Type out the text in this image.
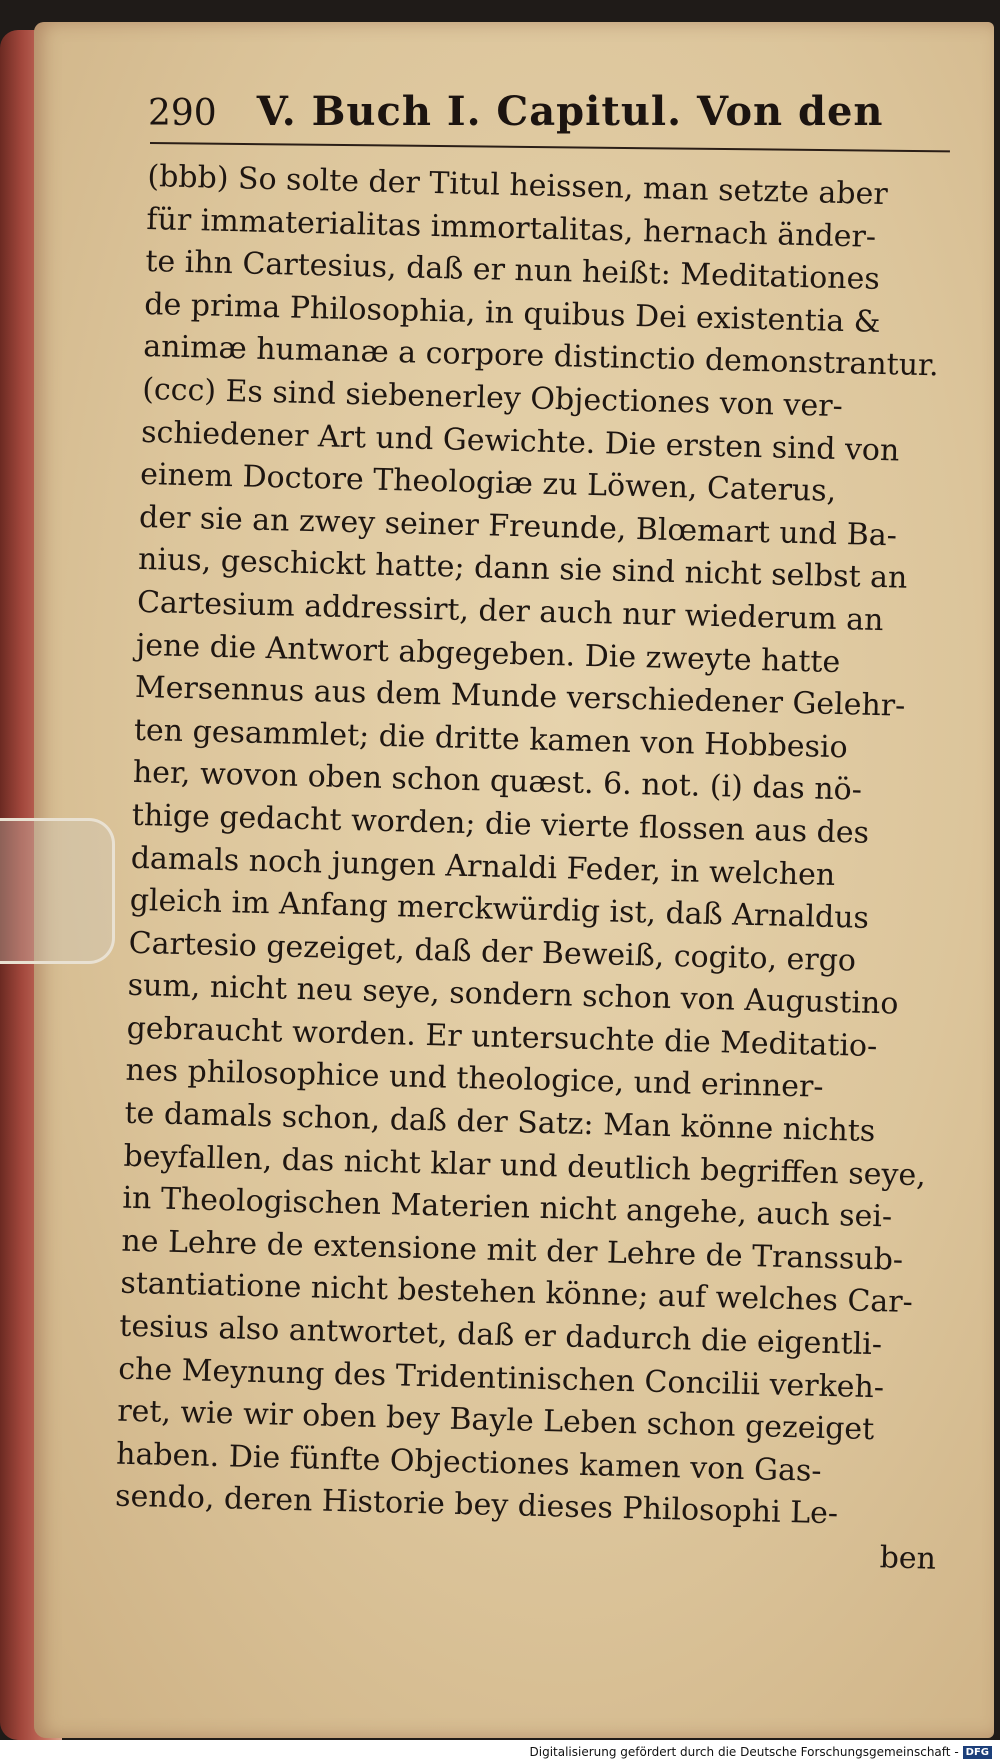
290 V. Buch I. Capitul. Von den
(bbb) So solte der Titul heissen, man setzte aber
für immaterialitas immortalitas, hernach änder-
te ihn Cartesius, daß er nun heißt: Meditationes
de prima Philosophia, in quibus Dei existentia &
animæ humanæ a corpore distinctio demonstrantur.
(ccc) Es sind siebenerley Objectiones von ver-
schiedener Art und Gewichte. Die ersten sind von
einem Doctore Theologiæ zu Löwen, Caterus,
der sie an zwey seiner Freunde, Blœmart und Ba-
nius, geschickt hatte; dann sie sind nicht selbst an
Cartesium addressirt, der auch nur wiederum an
jene die Antwort abgegeben. Die zweyte hatte
Mersennus aus dem Munde verschiedener Gelehr-
ten gesammlet; die dritte kamen von Hobbesio
her, wovon oben schon quæst. 6. not. (i) das nö-
thige gedacht worden; die vierte flossen aus des
damals noch jungen Arnaldi Feder, in welchen
gleich im Anfang merckwürdig ist, daß Arnaldus
Cartesio gezeiget, daß der Beweiß, cogito, ergo
sum, nicht neu seye, sondern schon von Augustino
gebraucht worden. Er untersuchte die Meditatio-
nes philosophice und theologice, und erinner-
te damals schon, daß der Satz: Man könne nichts
beyfallen, das nicht klar und deutlich begriffen seye,
in Theologischen Materien nicht angehe, auch sei-
ne Lehre de extensione mit der Lehre de Transsub-
stantiatione nicht bestehen könne; auf welches Car-
tesius also antwortet, daß er dadurch die eigentli-
che Meynung des Tridentinischen Concilii verkeh-
ret, wie wir oben bey Bayle Leben schon gezeiget
haben. Die fünfte Objectiones kamen von Gas-
sendo, deren Historie bey dieses Philosophi Le-
ben
Digitalisierung gefördert durch die Deutsche Forschungsgemeinschaft - DFG
